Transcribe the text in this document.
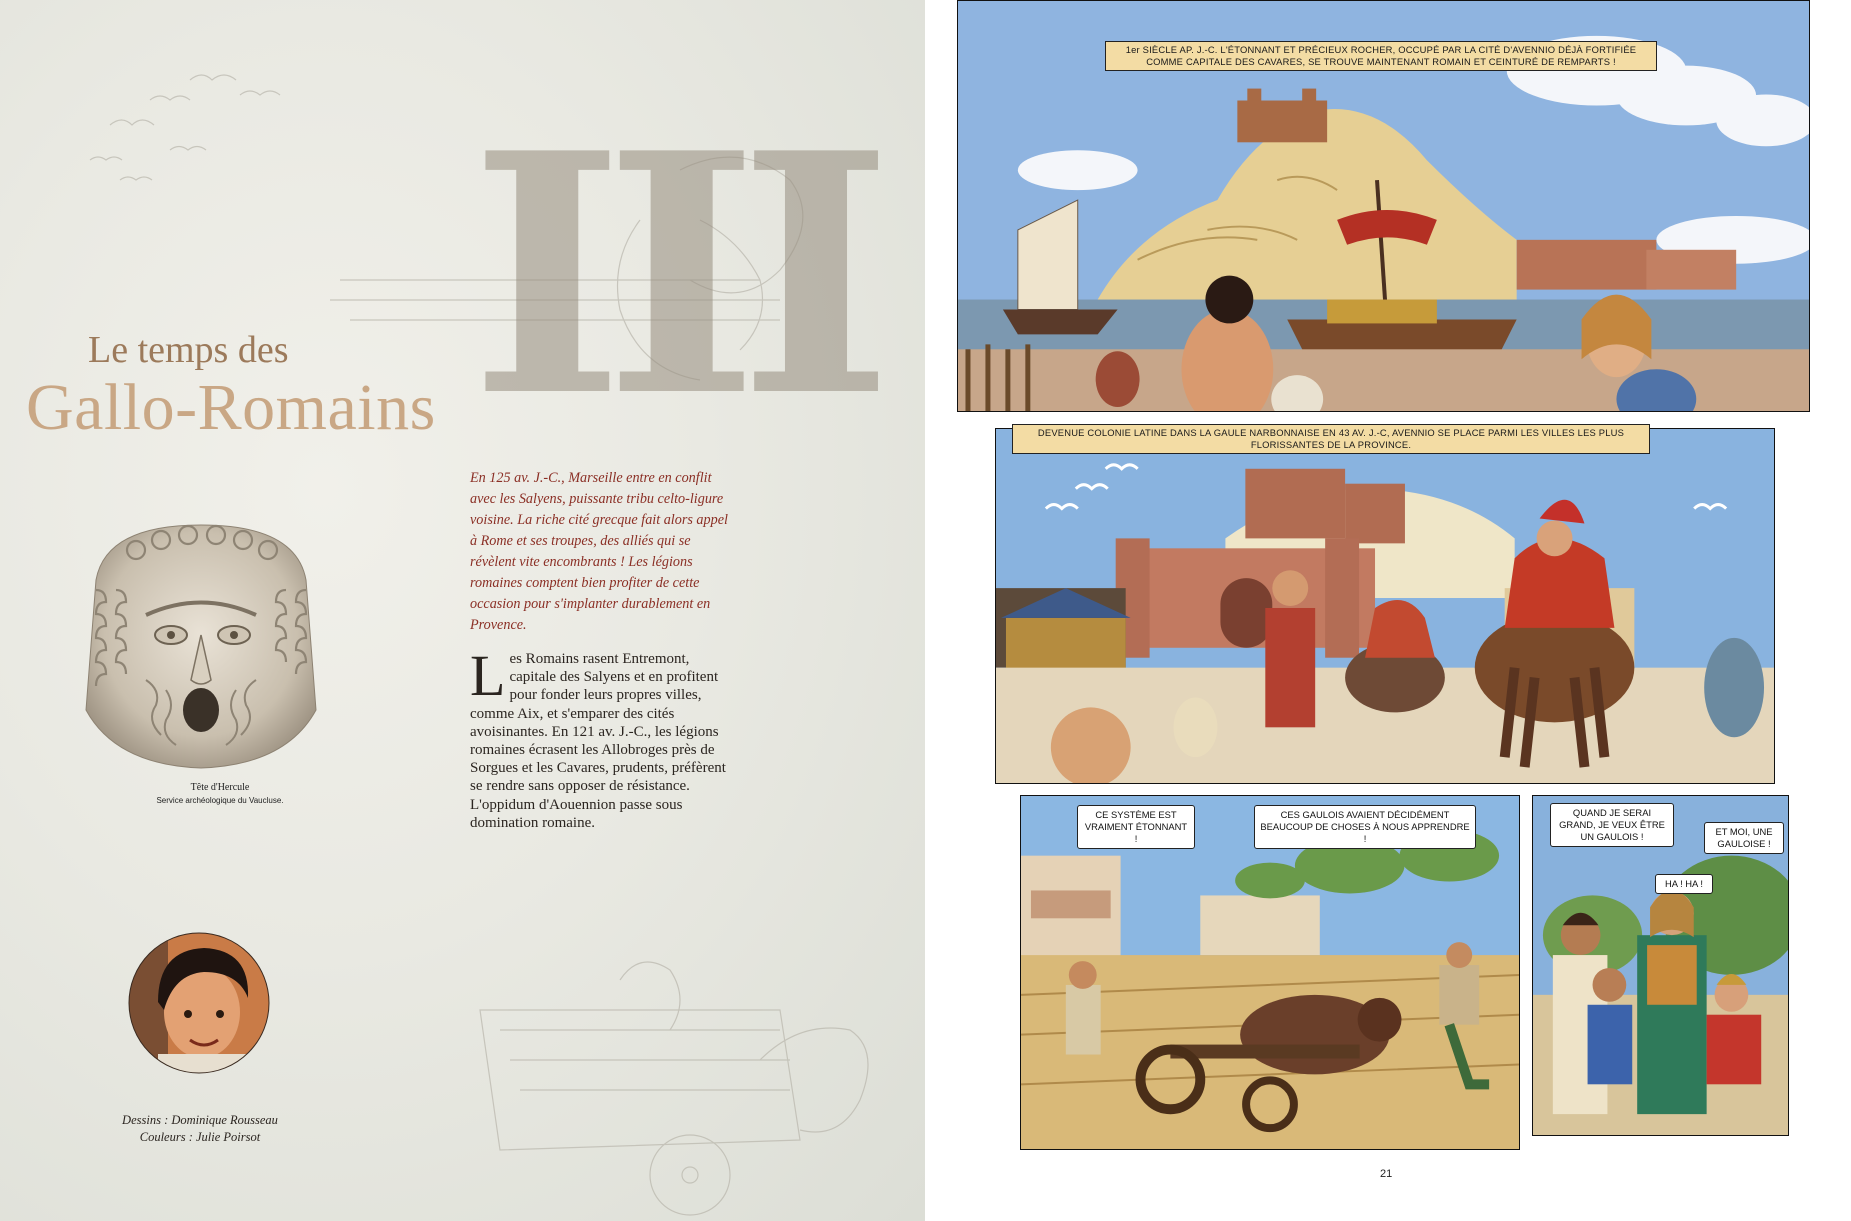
III
Le temps des
Gallo-Romains
En 125 av. J.-C., Marseille entre en conflit avec les Salyens, puissante tribu celto-ligure voisine. La riche cité grecque fait alors appel à Rome et ses troupes, des alliés qui se révèlent vite encombrants ! Les légions romaines comptent bien profiter de cette occasion pour s'implanter durablement en Provence.
Les Romains rasent Entremont, capitale des Salyens et en profitent pour fonder leurs propres villes, comme Aix, et s'emparer des cités avoisinantes. En 121 av. J.-C., les légions romaines écrasent les Allobroges près de Sorgues et les Cavares, prudents, préfèrent se rendre sans opposer de résistance. L'oppidum d'Aouennion passe sous domination romaine.
Tête d'Hercule
Service archéologique du Vaucluse.
Dessins : Dominique Rousseau
Couleurs : Julie Poirsot
1er SIÈCLE AP. J.-C. L'ÉTONNANT ET PRÉCIEUX ROCHER, OCCUPÉ PAR LA CITÉ D'AVENNIO DÉJÀ FORTIFIÉE COMME CAPITALE DES CAVARES, SE TROUVE MAINTENANT ROMAIN ET CEINTURÉ DE REMPARTS !
DEVENUE COLONIE LATINE DANS LA GAULE NARBONNAISE EN 43 AV. J.-C, AVENNIO SE PLACE PARMI LES VILLES LES PLUS FLORISSANTES DE LA PROVINCE.
CE SYSTÈME EST VRAIMENT ÉTONNANT !
CES GAULOIS AVAIENT DÉCIDÉMENT BEAUCOUP DE CHOSES À NOUS APPRENDRE !
QUAND JE SERAI GRAND, JE VEUX ÊTRE UN GAULOIS !	ET MOI, UNE GAULOISE !
HA ! HA !
21
